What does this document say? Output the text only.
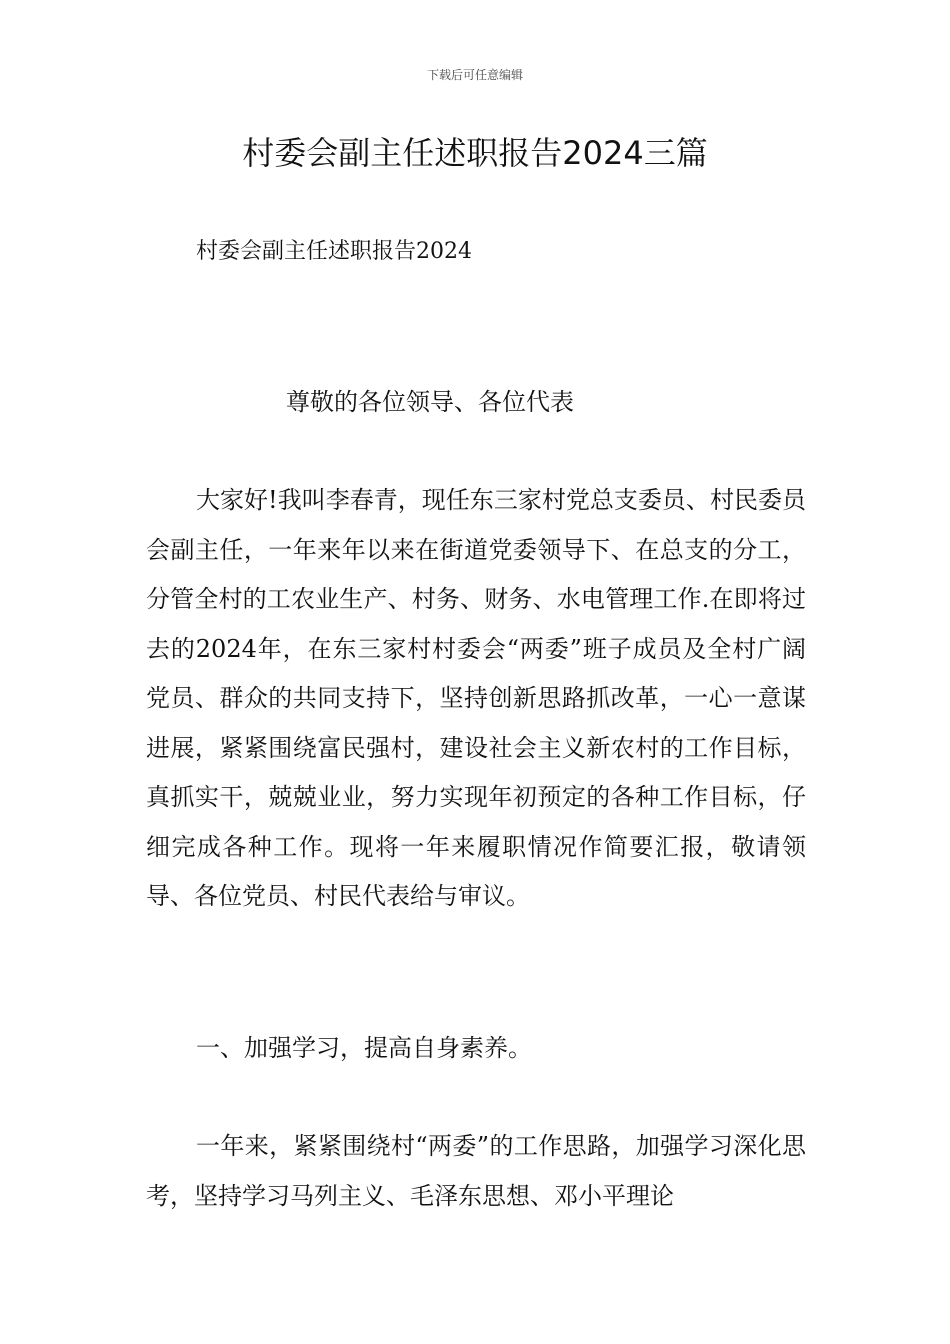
下载后可任意编辑
村委会副主任述职报告2024三篇
村委会副主任述职报告2024
尊敬的各位领导、各位代表

大家好!我叫李春青，现任东三家村党总支委员、村民委员会副主任，一年来年以来在街道党委领导下、在总支的分工，分管全村的工农业生产、村务、财务、水电管理工作.在即将过去的2024年，在东三家村村委会“两委”班子成员及全村广阔党员、群众的共同支持下，坚持创新思路抓改革，一心一意谋进展，紧紧围绕富民强村，建设社会主义新农村的工作目标，真抓实干，兢兢业业，努力实现年初预定的各种工作目标，仔细完成各种工作。现将一年来履职情况作简要汇报，敬请领导、各位党员、村民代表给与审议。

一、加强学习，提高自身素养。

一年来，紧紧围绕村“两委”的工作思路，加强学习深化思考，坚持学习马列主义、毛泽东思想、邓小平理论
